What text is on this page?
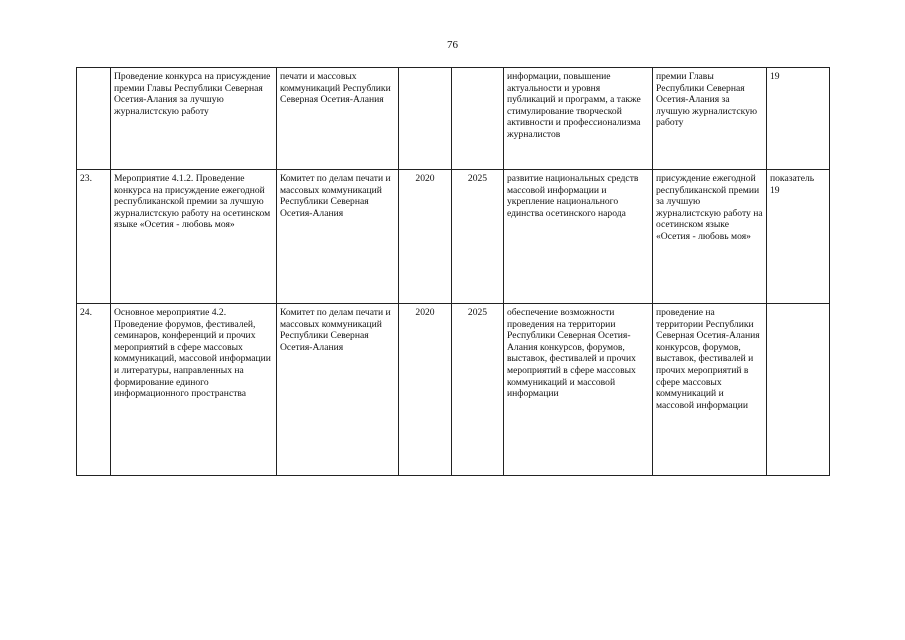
76
	Проведение конкурса на присуждение премии Главы Республики Северная Осетия-Алания за лучшую журналистскую работу	печати и массовых коммуникаций Республики Северная Осетия-Алания			информации, повышение актуальности и уровня публикаций и программ, а также стимулирование творческой активности и профессионализма журналистов	премии Главы Республики Северная Осетия-Алания за лучшую журналистскую работу	19
23.	Мероприятие 4.1.2. Проведение конкурса на присуждение ежегодной республиканской премии за лучшую журналистскую работу на осетинском языке «Осетия - любовь моя»	Комитет по делам печати и массовых коммуникаций Республики Северная Осетия-Алания	2020	2025	развитие национальных средств массовой информации и укрепление национального единства осетинского народа	присуждение ежегодной республиканской премии за лучшую журналистскую работу на осетинском языке «Осетия - любовь моя»	показатель 19
24.	Основное мероприятие 4.2. Проведение форумов, фестивалей, семинаров, конференций и прочих мероприятий в сфере массовых коммуникаций, массовой информации и литературы, направленных на формирование единого информационного пространства	Комитет по делам печати и массовых коммуникаций Республики Северная Осетия-Алания	2020	2025	обеспечение возможности проведения на территории Республики Северная Осетия-Алания конкурсов, форумов, выставок, фестивалей и прочих мероприятий в сфере массовых коммуникаций и массовой информации	проведение на территории Республики Северная Осетия-Алания конкурсов, форумов, выставок, фестивалей и прочих мероприятий в сфере массовых коммуникаций и массовой информации	
